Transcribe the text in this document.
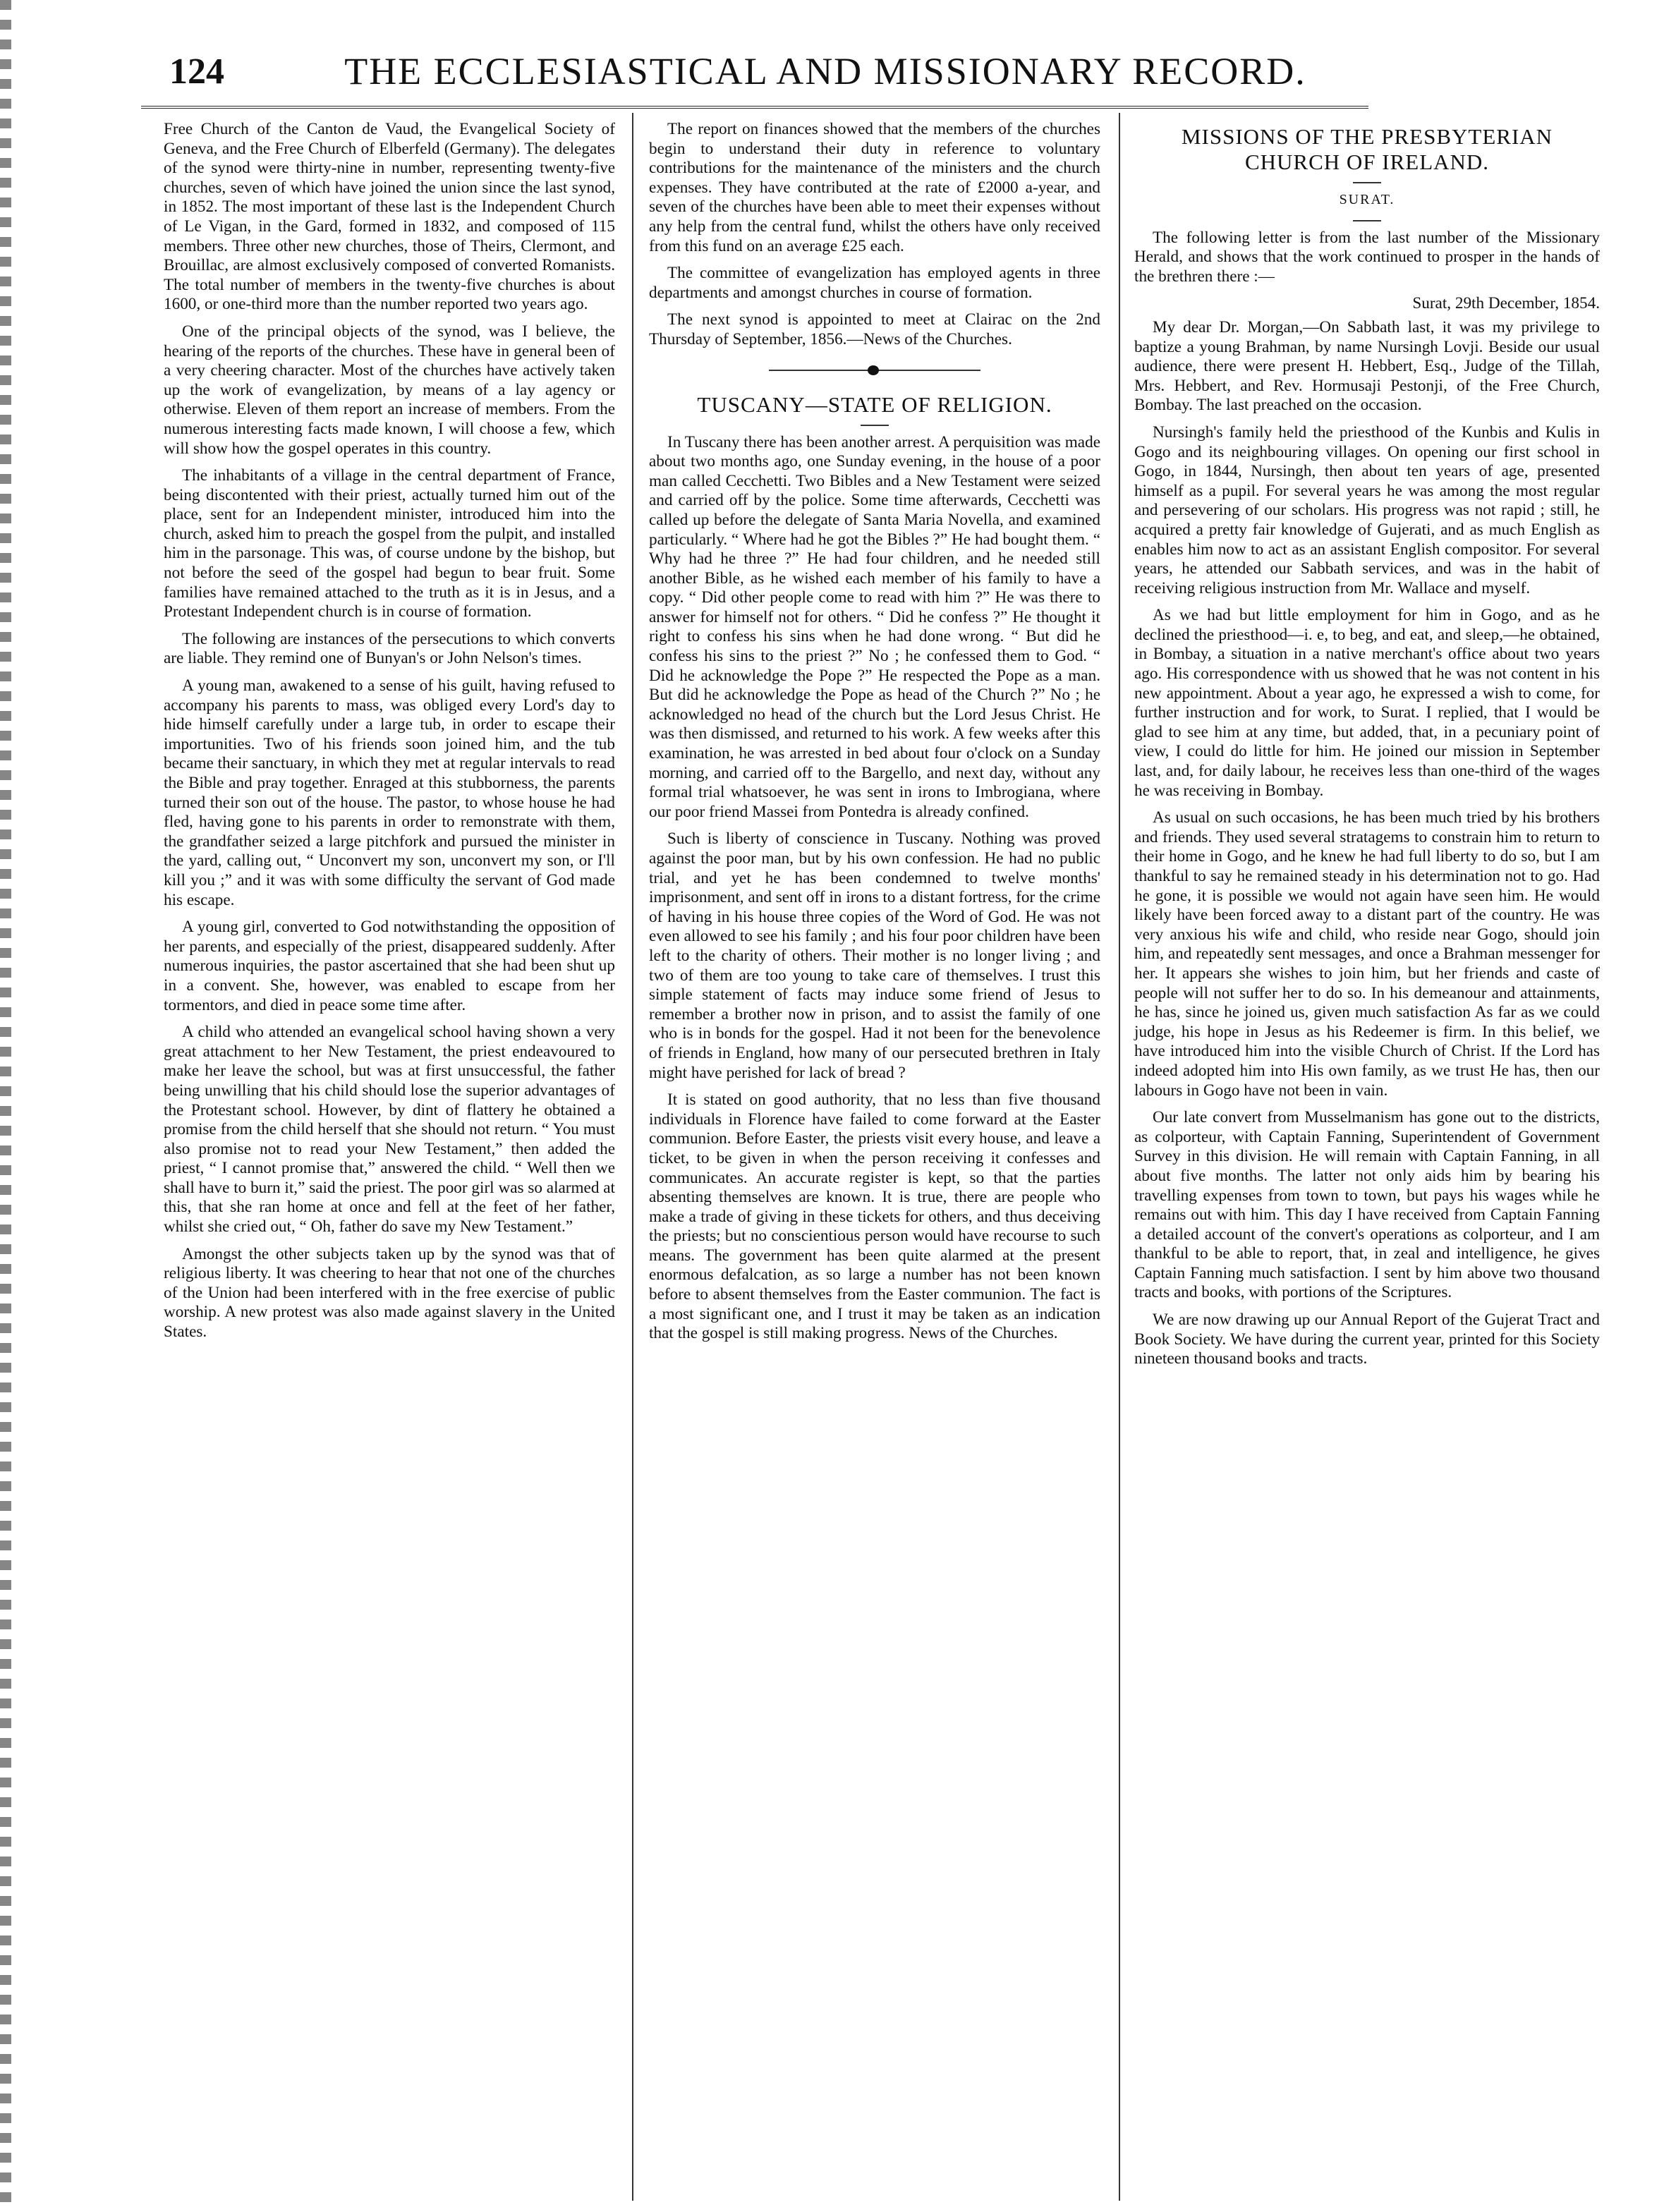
124	THE ECCLESIASTICAL AND MISSIONARY RECORD.

Free Church of the Canton de Vaud, the Evangelical Society of Geneva, and the Free Church of Elberfeld (Germany). The delegates of the synod were thirty-nine in number, representing twenty-five churches, seven of which have joined the union since the last synod, in 1852. The most important of these last is the Independent Church of Le Vigan, in the Gard, formed in 1832, and composed of 115 members. Three other new churches, those of Theirs, Clermont, and Brouillac, are almost exclusively composed of converted Romanists. The total number of members in the twenty-five churches is about 1600, or one-third more than the number reported two years ago.

One of the principal objects of the synod, was I believe, the hearing of the reports of the churches. These have in general been of a very cheering character. Most of the churches have actively taken up the work of evangelization, by means of a lay agency or otherwise. Eleven of them report an increase of members. From the numerous interesting facts made known, I will choose a few, which will show how the gospel operates in this country.

The inhabitants of a village in the central department of France, being discontented with their priest, actually turned him out of the place, sent for an Independent minister, introduced him into the church, asked him to preach the gospel from the pulpit, and installed him in the parsonage. This was, of course undone by the bishop, but not before the seed of the gospel had begun to bear fruit. Some families have remained attached to the truth as it is in Jesus, and a Protestant Independent church is in course of formation.

The following are instances of the persecutions to which converts are liable. They remind one of Bunyan's or John Nelson's times.

A young man, awakened to a sense of his guilt, having refused to accompany his parents to mass, was obliged every Lord's day to hide himself carefully under a large tub, in order to escape their importunities. Two of his friends soon joined him, and the tub became their sanctuary, in which they met at regular intervals to read the Bible and pray together. Enraged at this stubborness, the parents turned their son out of the house. The pastor, to whose house he had fled, having gone to his parents in order to remonstrate with them, the grandfather seized a large pitchfork and pursued the minister in the yard, calling out, “ Unconvert my son, unconvert my son, or I'll kill you ;” and it was with some difficulty the servant of God made his escape.

A young girl, converted to God notwithstanding the opposition of her parents, and especially of the priest, disappeared suddenly. After numerous inquiries, the pastor ascertained that she had been shut up in a convent. She, however, was enabled to escape from her tormentors, and died in peace some time after.

A child who attended an evangelical school having shown a very great attachment to her New Testament, the priest endeavoured to make her leave the school, but was at first unsuccessful, the father being unwilling that his child should lose the superior advantages of the Protestant school. However, by dint of flattery he obtained a promise from the child herself that she should not return. “ You must also promise not to read your New Testament,” then added the priest, “ I cannot promise that,” answered the child. “ Well then we shall have to burn it,” said the priest. The poor girl was so alarmed at this, that she ran home at once and fell at the feet of her father, whilst she cried out, “ Oh, father do save my New Testament.”

Amongst the other subjects taken up by the synod was that of religious liberty. It was cheering to hear that not one of the churches of the Union had been interfered with in the free exercise of public worship. A new protest was also made against slavery in the United States.

The report on finances showed that the members of the churches begin to understand their duty in reference to voluntary contributions for the maintenance of the ministers and the church expenses. They have contributed at the rate of £2000 a-year, and seven of the churches have been able to meet their expenses without any help from the central fund, whilst the others have only received from this fund on an average £25 each.

The committee of evangelization has employed agents in three departments and amongst churches in course of formation.

The next synod is appointed to meet at Clairac on the 2nd Thursday of September, 1856.—News of the Churches.

TUSCANY—STATE OF RELIGION.

In Tuscany there has been another arrest. A perquisition was made about two months ago, one Sunday evening, in the house of a poor man called Cecchetti. Two Bibles and a New Testament were seized and carried off by the police. Some time afterwards, Cecchetti was called up before the delegate of Santa Maria Novella, and examined particularly. “ Where had he got the Bibles ?” He had bought them. “ Why had he three ?” He had four children, and he needed still another Bible, as he wished each member of his family to have a copy. “ Did other people come to read with him ?” He was there to answer for himself not for others. “ Did he confess ?” He thought it right to confess his sins when he had done wrong. “ But did he confess his sins to the priest ?” No ; he confessed them to God. “ Did he acknowledge the Pope ?” He respected the Pope as a man. But did he acknowledge the Pope as head of the Church ?” No ; he acknowledged no head of the church but the Lord Jesus Christ. He was then dismissed, and returned to his work. A few weeks after this examination, he was arrested in bed about four o'clock on a Sunday morning, and carried off to the Bargello, and next day, without any formal trial whatsoever, he was sent in irons to Imbrogiana, where our poor friend Massei from Pontedra is already confined.

Such is liberty of conscience in Tuscany. Nothing was proved against the poor man, but by his own confession. He had no public trial, and yet he has been condemned to twelve months' imprisonment, and sent off in irons to a distant fortress, for the crime of having in his house three copies of the Word of God. He was not even allowed to see his family ; and his four poor children have been left to the charity of others. Their mother is no longer living ; and two of them are too young to take care of themselves. I trust this simple statement of facts may induce some friend of Jesus to remember a brother now in prison, and to assist the family of one who is in bonds for the gospel. Had it not been for the benevolence of friends in England, how many of our persecuted brethren in Italy might have perished for lack of bread ?

It is stated on good authority, that no less than five thousand individuals in Florence have failed to come forward at the Easter communion. Before Easter, the priests visit every house, and leave a ticket, to be given in when the person receiving it confesses and communicates. An accurate register is kept, so that the parties absenting themselves are known. It is true, there are people who make a trade of giving in these tickets for others, and thus deceiving the priests; but no conscientious person would have recourse to such means. The government has been quite alarmed at the present enormous defalcation, as so large a number has not been known before to absent themselves from the Easter communion. The fact is a most significant one, and I trust it may be taken as an indication that the gospel is still making progress. News of the Churches.

MISSIONS OF THE PRESBYTERIAN CHURCH OF IRELAND.
SURAT.

The following letter is from the last number of the Missionary Herald, and shows that the work continued to prosper in the hands of the brethren there :—

Surat, 29th December, 1854.

My dear Dr. Morgan,—On Sabbath last, it was my privilege to baptize a young Brahman, by name Nursingh Lovji. Beside our usual audience, there were present H. Hebbert, Esq., Judge of the Tillah, Mrs. Hebbert, and Rev. Hormusaji Pestonji, of the Free Church, Bombay. The last preached on the occasion.

Nursingh's family held the priesthood of the Kunbis and Kulis in Gogo and its neighbouring villages. On opening our first school in Gogo, in 1844, Nursingh, then about ten years of age, presented himself as a pupil. For several years he was among the most regular and persevering of our scholars. His progress was not rapid ; still, he acquired a pretty fair knowledge of Gujerati, and as much English as enables him now to act as an assistant English compositor. For several years, he attended our Sabbath services, and was in the habit of receiving religious instruction from Mr. Wallace and myself.

As we had but little employment for him in Gogo, and as he declined the priesthood—i. e, to beg, and eat, and sleep,—he obtained, in Bombay, a situation in a native merchant's office about two years ago. His correspondence with us showed that he was not content in his new appointment. About a year ago, he expressed a wish to come, for further instruction and for work, to Surat. I replied, that I would be glad to see him at any time, but added, that, in a pecuniary point of view, I could do little for him. He joined our mission in September last, and, for daily labour, he receives less than one-third of the wages he was receiving in Bombay.

As usual on such occasions, he has been much tried by his brothers and friends. They used several stratagems to constrain him to return to their home in Gogo, and he knew he had full liberty to do so, but I am thankful to say he remained steady in his determination not to go. Had he gone, it is possible we would not again have seen him. He would likely have been forced away to a distant part of the country. He was very anxious his wife and child, who reside near Gogo, should join him, and repeatedly sent messages, and once a Brahman messenger for her. It appears she wishes to join him, but her friends and caste of people will not suffer her to do so. In his demeanour and attainments, he has, since he joined us, given much satisfaction As far as we could judge, his hope in Jesus as his Redeemer is firm. In this belief, we have introduced him into the visible Church of Christ. If the Lord has indeed adopted him into His own family, as we trust He has, then our labours in Gogo have not been in vain.

Our late convert from Musselmanism has gone out to the districts, as colporteur, with Captain Fanning, Superintendent of Government Survey in this division. He will remain with Captain Fanning, in all about five months. The latter not only aids him by bearing his travelling expenses from town to town, but pays his wages while he remains out with him. This day I have received from Captain Fanning a detailed account of the convert's operations as colporteur, and I am thankful to be able to report, that, in zeal and intelligence, he gives Captain Fanning much satisfaction. I sent by him above two thousand tracts and books, with portions of the Scriptures.

We are now drawing up our Annual Report of the Gujerat Tract and Book Society. We have during the current year, printed for this Society nineteen thousand books and tracts.
